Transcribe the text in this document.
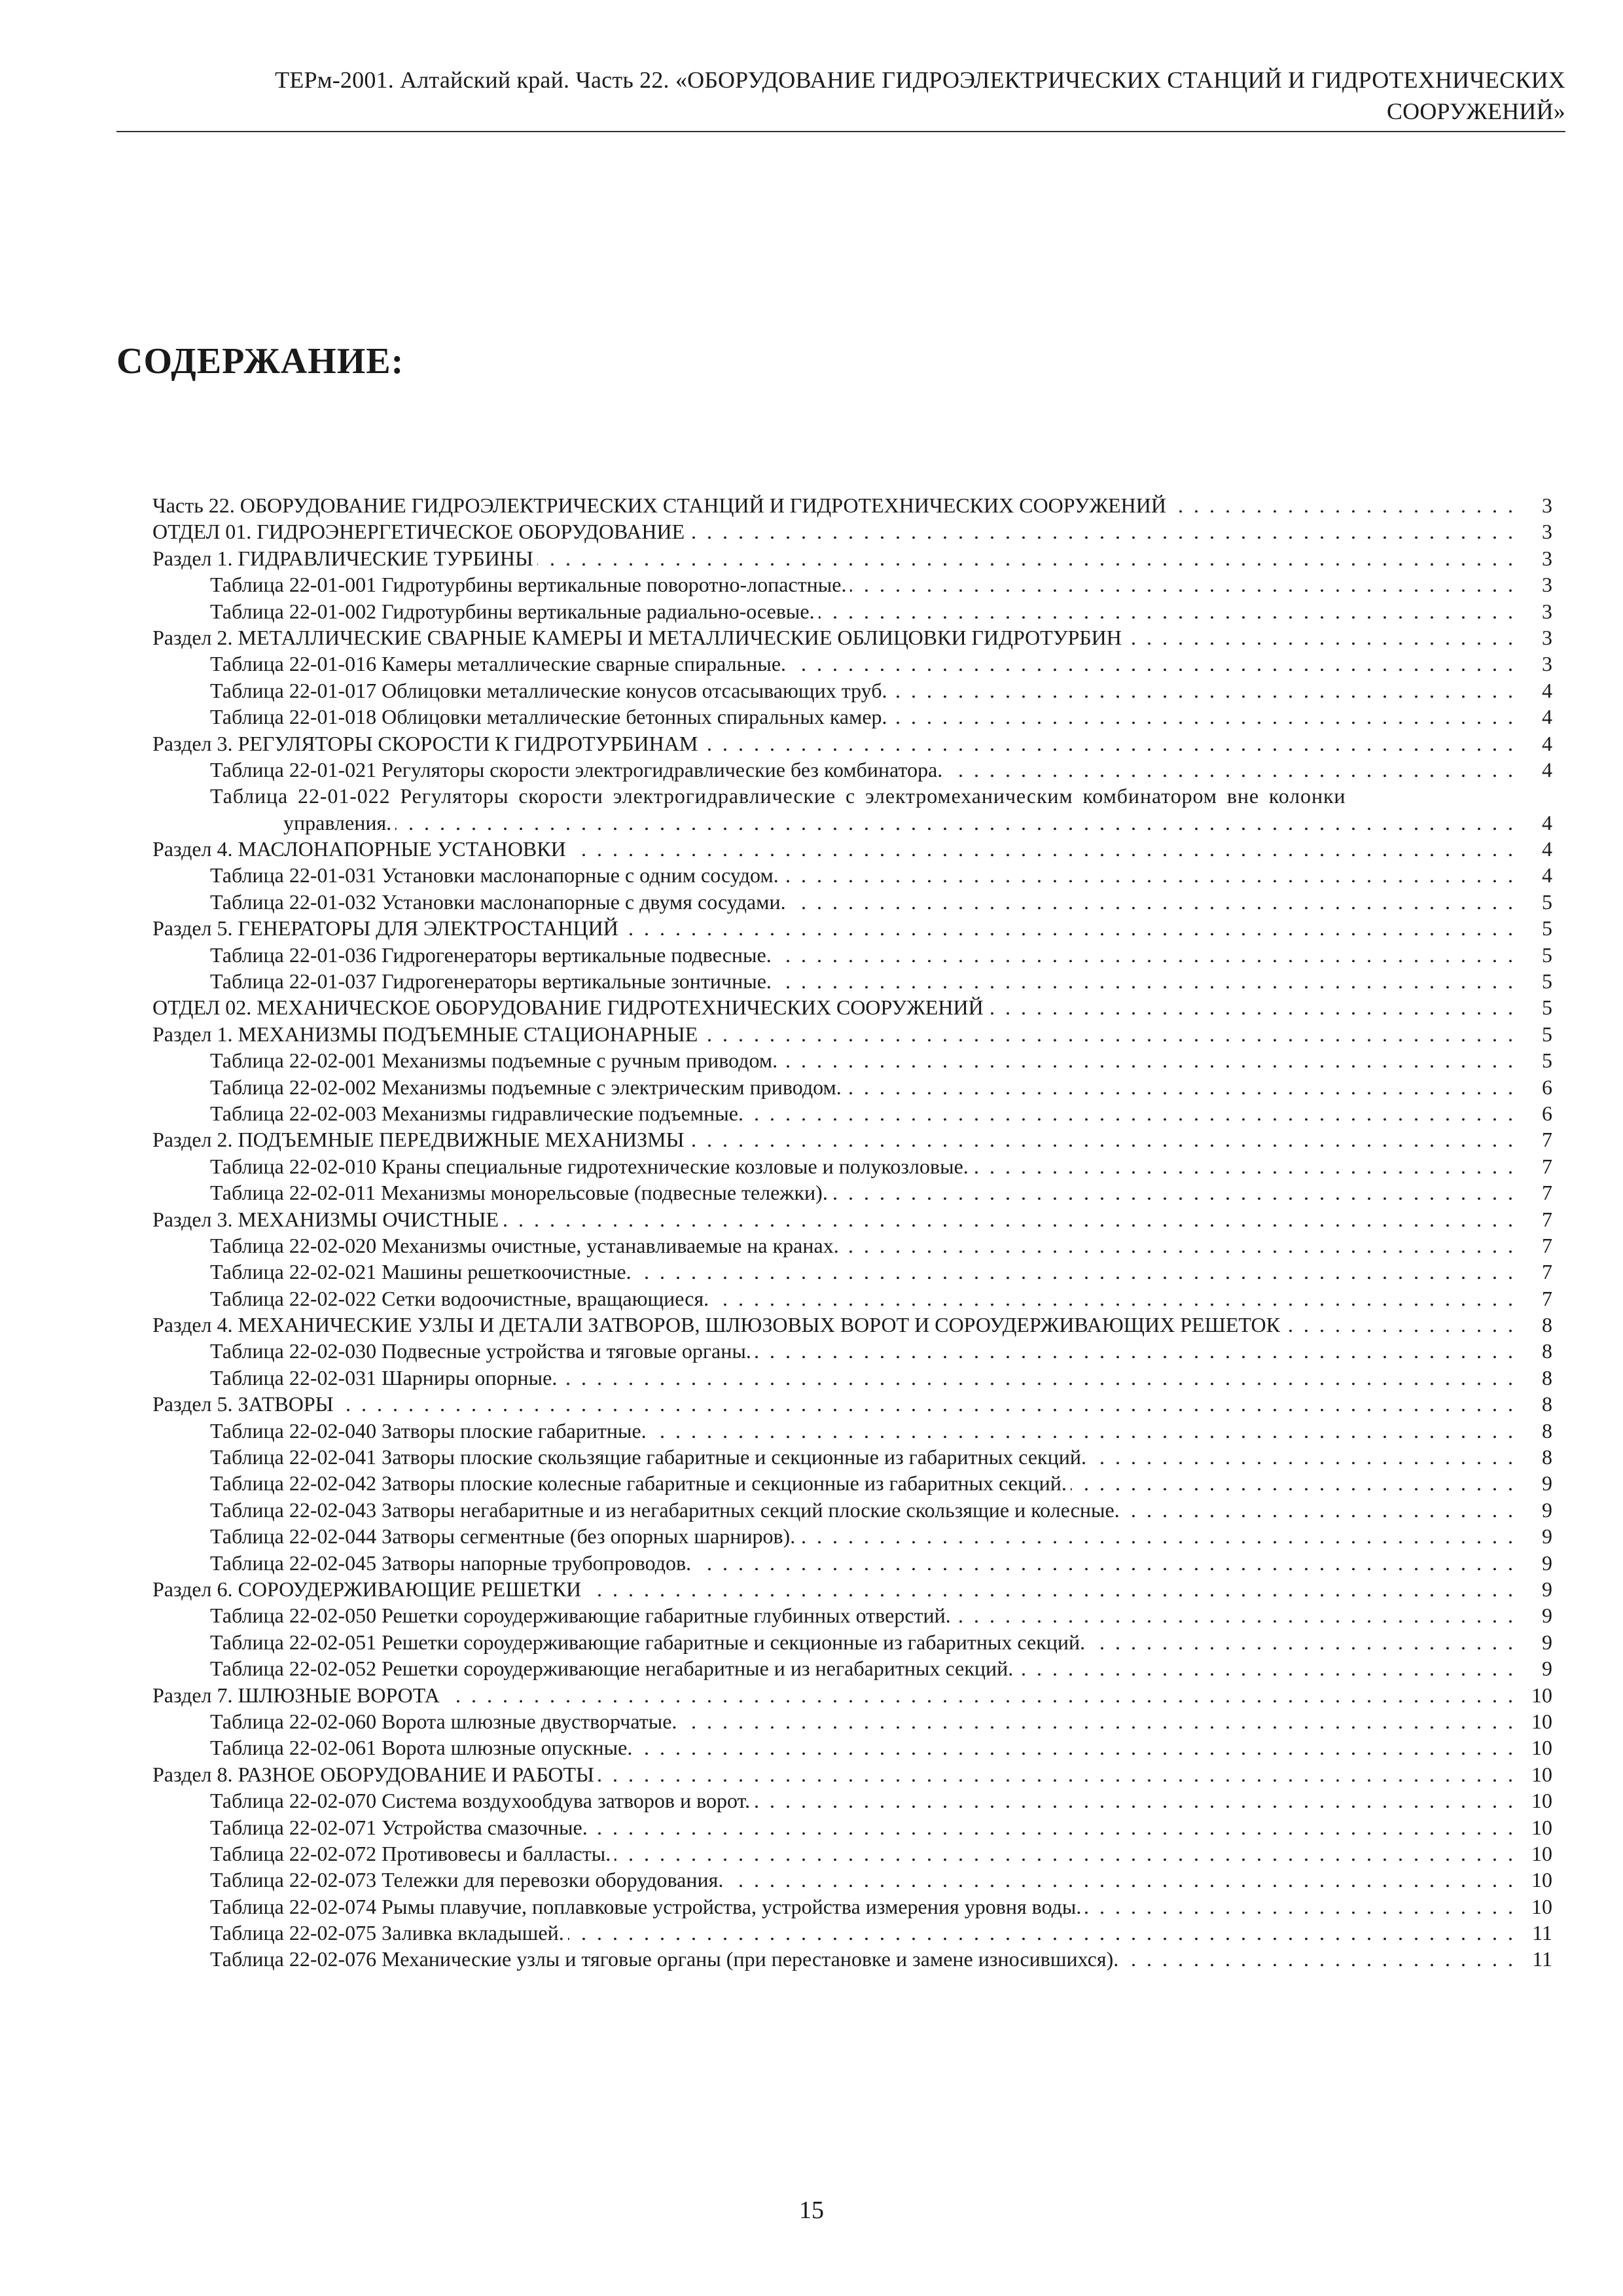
ТЕРм-2001. Алтайский край. Часть 22. «ОБОРУДОВАНИЕ ГИДРОЭЛЕКТРИЧЕСКИХ СТАНЦИЙ И ГИДРОТЕХНИЧЕСКИХ
СООРУЖЕНИЙ»
СОДЕРЖАНИЕ:
Часть 22. ОБОРУДОВАНИЕ ГИДРОЭЛЕКТРИЧЕСКИХ СТАНЦИЙ И ГИДРОТЕХНИЧЕСКИХ СООРУЖЕНИЙ . . .	3
ОТДЕЛ 01. ГИДРОЭНЕРГЕТИЧЕСКОЕ ОБОРУДОВАНИЕ . . .	3
Раздел 1. ГИДРАВЛИЧЕСКИЕ ТУРБИНЫ . . .	3
Таблица 22-01-001 Гидротурбины вертикальные поворотно-лопастные. . . .	3
Таблица 22-01-002 Гидротурбины вертикальные радиально-осевые. . . .	3
Раздел 2. МЕТАЛЛИЧЕСКИЕ СВАРНЫЕ КАМЕРЫ И МЕТАЛЛИЧЕСКИЕ ОБЛИЦОВКИ ГИДРОТУРБИН . . .	3
Таблица 22-01-016 Камеры металлические сварные спиральные. . . .	3
Таблица 22-01-017 Облицовки металлические конусов отсасывающих труб. . . .	4
Таблица 22-01-018 Облицовки металлические бетонных спиральных камер. . . .	4
Раздел 3. РЕГУЛЯТОРЫ СКОРОСТИ К ГИДРОТУРБИНАМ . . .	4
Таблица 22-01-021 Регуляторы скорости электрогидравлические без комбинатора. . . .	4
Таблица 22-01-022 Регуляторы скорости электрогидравлические с электромеханическим комбинатором вне колонки
управления. . . .	4
Раздел 4. МАСЛОНАПОРНЫЕ УСТАНОВКИ . . .	4
Таблица 22-01-031 Установки маслонапорные с одним сосудом. . . .	4
Таблица 22-01-032 Установки маслонапорные с двумя сосудами. . . .	5
Раздел 5. ГЕНЕРАТОРЫ ДЛЯ ЭЛЕКТРОСТАНЦИЙ . . .	5
Таблица 22-01-036 Гидрогенераторы вертикальные подвесные. . . .	5
Таблица 22-01-037 Гидрогенераторы вертикальные зонтичные. . . .	5
ОТДЕЛ 02. МЕХАНИЧЕСКОЕ ОБОРУДОВАНИЕ ГИДРОТЕХНИЧЕСКИХ СООРУЖЕНИЙ . . .	5
Раздел 1. МЕХАНИЗМЫ ПОДЪЕМНЫЕ СТАЦИОНАРНЫЕ . . .	5
Таблица 22-02-001 Механизмы подъемные с ручным приводом. . . .	5
Таблица 22-02-002 Механизмы подъемные с электрическим приводом. . . .	6
Таблица 22-02-003 Механизмы гидравлические подъемные. . . .	6
Раздел 2. ПОДЪЕМНЫЕ ПЕРЕДВИЖНЫЕ МЕХАНИЗМЫ . . .	7
Таблица 22-02-010 Краны специальные гидротехнические козловые и полукозловые. . . .	7
Таблица 22-02-011 Механизмы монорельсовые (подвесные тележки). . . .	7
Раздел 3. МЕХАНИЗМЫ ОЧИСТНЫЕ . . .	7
Таблица 22-02-020 Механизмы очистные, устанавливаемые на кранах. . . .	7
Таблица 22-02-021 Машины решеткоочистные. . . .	7
Таблица 22-02-022 Сетки водоочистные, вращающиеся. . . .	7
Раздел 4. МЕХАНИЧЕСКИЕ УЗЛЫ И ДЕТАЛИ ЗАТВОРОВ, ШЛЮЗОВЫХ ВОРОТ И СОРОУДЕРЖИВАЮЩИХ РЕШЕТОК . . .	8
Таблица 22-02-030 Подвесные устройства и тяговые органы. . . .	8
Таблица 22-02-031 Шарниры опорные. . . .	8
Раздел 5. ЗАТВОРЫ . . .	8
Таблица 22-02-040 Затворы плоские габаритные. . . .	8
Таблица 22-02-041 Затворы плоские скользящие габаритные и секционные из габаритных секций. . . .	8
Таблица 22-02-042 Затворы плоские колесные габаритные и секционные из габаритных секций. . . .	9
Таблица 22-02-043 Затворы негабаритные и из негабаритных секций плоские скользящие и колесные. . . .	9
Таблица 22-02-044 Затворы сегментные (без опорных шарниров). . . .	9
Таблица 22-02-045 Затворы напорные трубопроводов. . . .	9
Раздел 6. СОРОУДЕРЖИВАЮЩИЕ РЕШЕТКИ . . .	9
Таблица 22-02-050 Решетки сороудерживающие габаритные глубинных отверстий. . . .	9
Таблица 22-02-051 Решетки сороудерживающие габаритные и секционные из габаритных секций. . . .	9
Таблица 22-02-052 Решетки сороудерживающие негабаритные и из негабаритных секций. . . .	9
Раздел 7. ШЛЮЗНЫЕ ВОРОТА . . .	10
Таблица 22-02-060 Ворота шлюзные двустворчатые. . . .	10
Таблица 22-02-061 Ворота шлюзные опускные. . . .	10
Раздел 8. РАЗНОЕ ОБОРУДОВАНИЕ И РАБОТЫ . . .	10
Таблица 22-02-070 Система воздухообдува затворов и ворот. . . .	10
Таблица 22-02-071 Устройства смазочные. . . .	10
Таблица 22-02-072 Противовесы и балласты. . . .	10
Таблица 22-02-073 Тележки для перевозки оборудования. . . .	10
Таблица 22-02-074 Рымы плавучие, поплавковые устройства, устройства измерения уровня воды. . . .	10
Таблица 22-02-075 Заливка вкладышей. . . .	11
Таблица 22-02-076 Механические узлы и тяговые органы (при перестановке и замене износившихся). . . .	11
15
